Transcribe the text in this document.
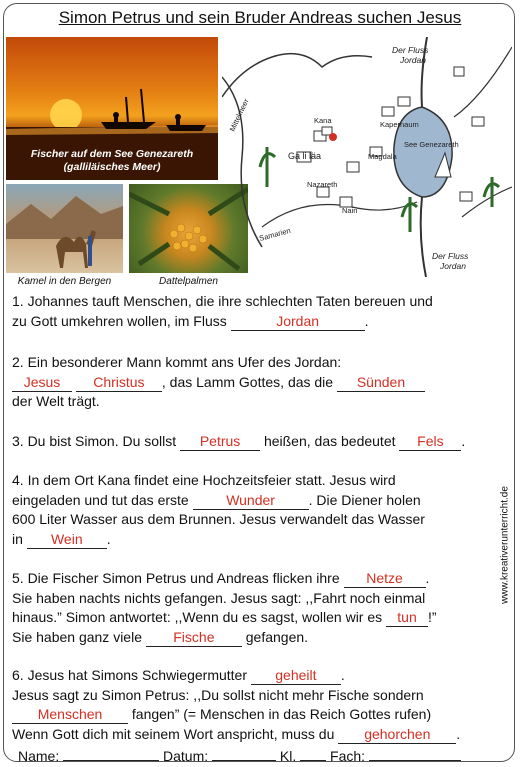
Simon Petrus und sein Bruder Andreas suchen Jesus
Fischer auf dem See Genezareth
(galliläisches Meer)
Kamel in den Bergen	Dattelpalmen
Der Fluss
Jordan
Der Fluss
Jordan
Mittelmeer	Kana
Ga li läa
Kapernaum
Magdala
See Genezareth
Nazareth
Nain
Samarien

1. Johannes tauft Menschen, die ihre schlechten Taten bereuen und

zu Gott umkehren wollen, im Fluss	Jordan	.

2. Ein besonderer Mann kommt ans Ufer des Jordan:

Jesus Christus , das Lamm Gottes, das die Sünden

der Welt trägt.

3. Du bist Simon. Du sollst Petrus heißen, das bedeutet Fels .

4. In dem Ort Kana findet eine Hochzeitsfeier statt. Jesus wird

eingeladen und tut das erste Wunder . Die Diener holen

600 Liter Wasser aus dem Brunnen. Jesus verwandelt das Wasser

in Wein .

5. Die Fischer Simon Petrus und Andreas flicken ihre Netze .

Sie haben nachts nichts gefangen. Jesus sagt: ,,Fahrt noch einmal

hinaus.” Simon antwortet: ,,Wenn du es sagst, wollen wir es tun !”

Sie haben ganz viele Fische gefangen.

6. Jesus hat Simons Schwiegermutter geheilt .

Jesus sagt zu Simon Petrus: ,,Du sollst nicht mehr Fische sondern

Menschen fangen” (= Menschen in das Reich Gottes rufen)

Wenn Gott dich mit seinem Wort anspricht, muss du gehorchen .

www.kreativerunterricht.de
Name:	Datum:	Kl. Fach:
